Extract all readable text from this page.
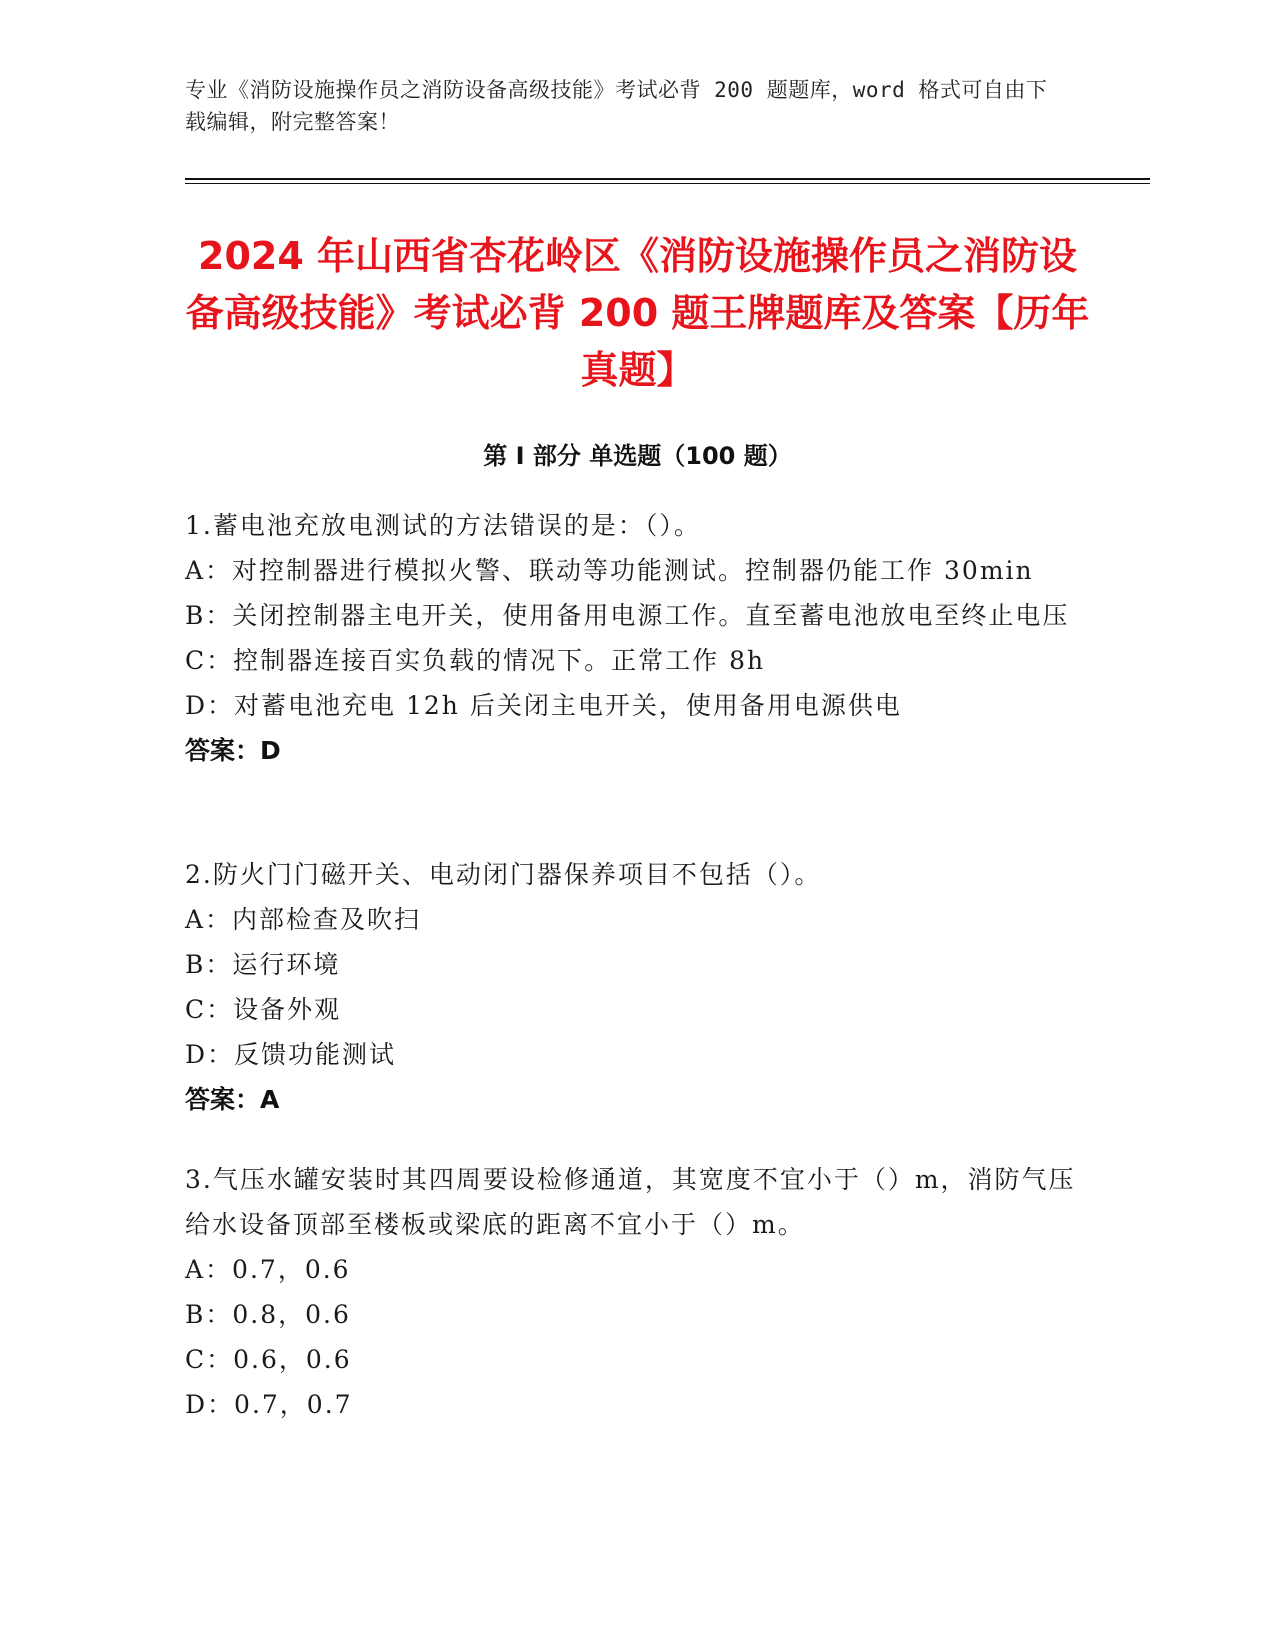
专业《消防设施操作员之消防设备高级技能》考试必背 200 题题库，word 格式可自由下载编辑，附完整答案！
2024 年山西省杏花岭区《消防设施操作员之消防设备高级技能》考试必背 200 题王牌题库及答案【历年真题】
第 I 部分 单选题（100 题）
1.蓄电池充放电测试的方法错误的是：（）。
A：对控制器进行模拟火警、联动等功能测试。控制器仍能工作 30min
B：关闭控制器主电开关，使用备用电源工作。直至蓄电池放电至终止电压
C：控制器连接百实负载的情况下。正常工作 8h
D：对蓄电池充电 12h 后关闭主电开关，使用备用电源供电
答案：D
2.防火门门磁开关、电动闭门器保养项目不包括（）。
A：内部检查及吹扫
B：运行环境
C：设备外观
D：反馈功能测试
答案：A
3.气压水罐安装时其四周要设检修通道，其宽度不宜小于（）m，消防气压给水设备顶部至楼板或梁底的距离不宜小于（）m。
A：0.7，0.6
B：0.8，0.6
C：0.6，0.6
D：0.7，0.7
